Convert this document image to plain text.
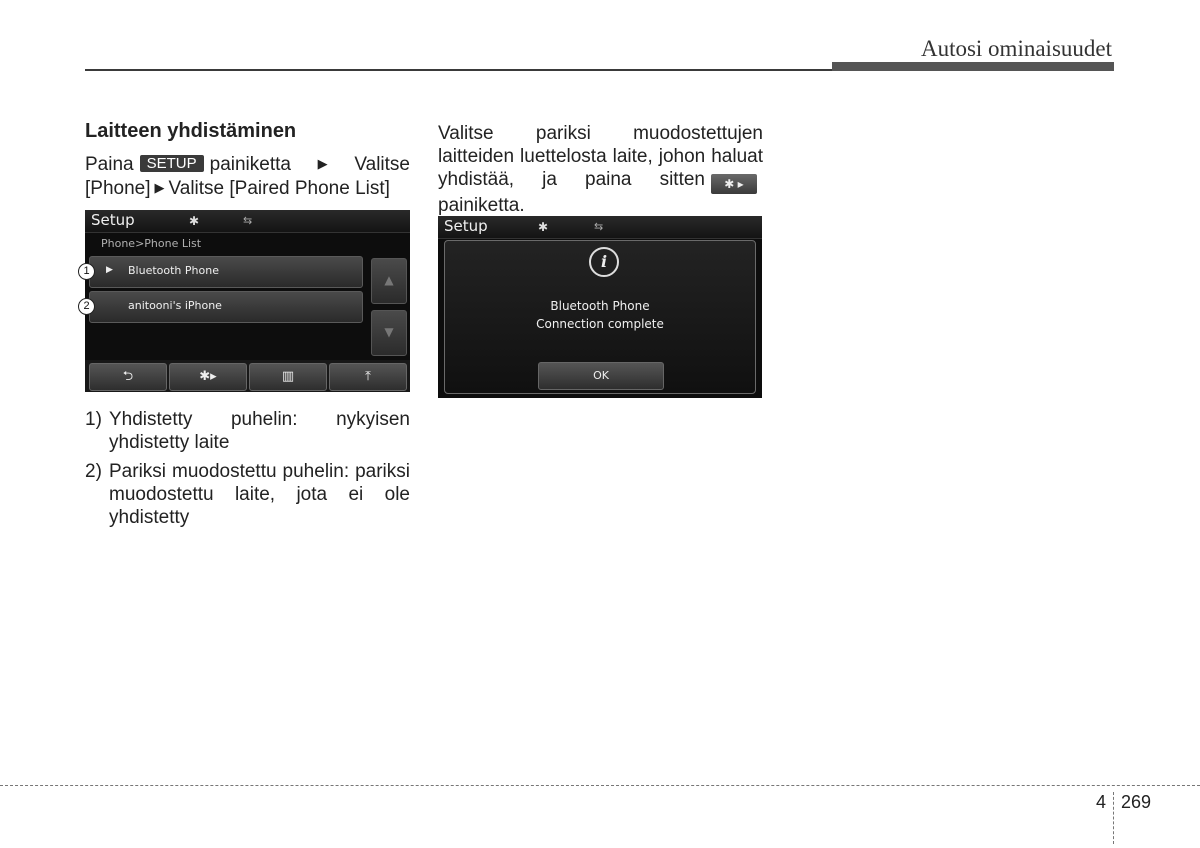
Autosi ominaisuudet
Laitteen yhdistäminen

Paina SETUP painiketta ▶ Valitse [Phone] ▶ Valitse [Paired Phone List]

Setup	✱	⇆
Phone>Phone List
▶ Bluetooth Phone
anitooni's iPhone
▲
▼
⮌	✱▸	▥	⤒
1
2
1) Yhdistetty puhelin: nykyisen yhdistetty laite
2) Pariksi muodostettu puhelin: pariksi muodostettu laite, jota ei ole yhdistetty

Valitse pariksi muodostettujen laitteiden luettelosta laite, johon haluat yhdistää, ja paina sitten ✱ ▸painiketta.

Setup	✱	⇆
i
Bluetooth Phone
Connection complete
OK
4 269
